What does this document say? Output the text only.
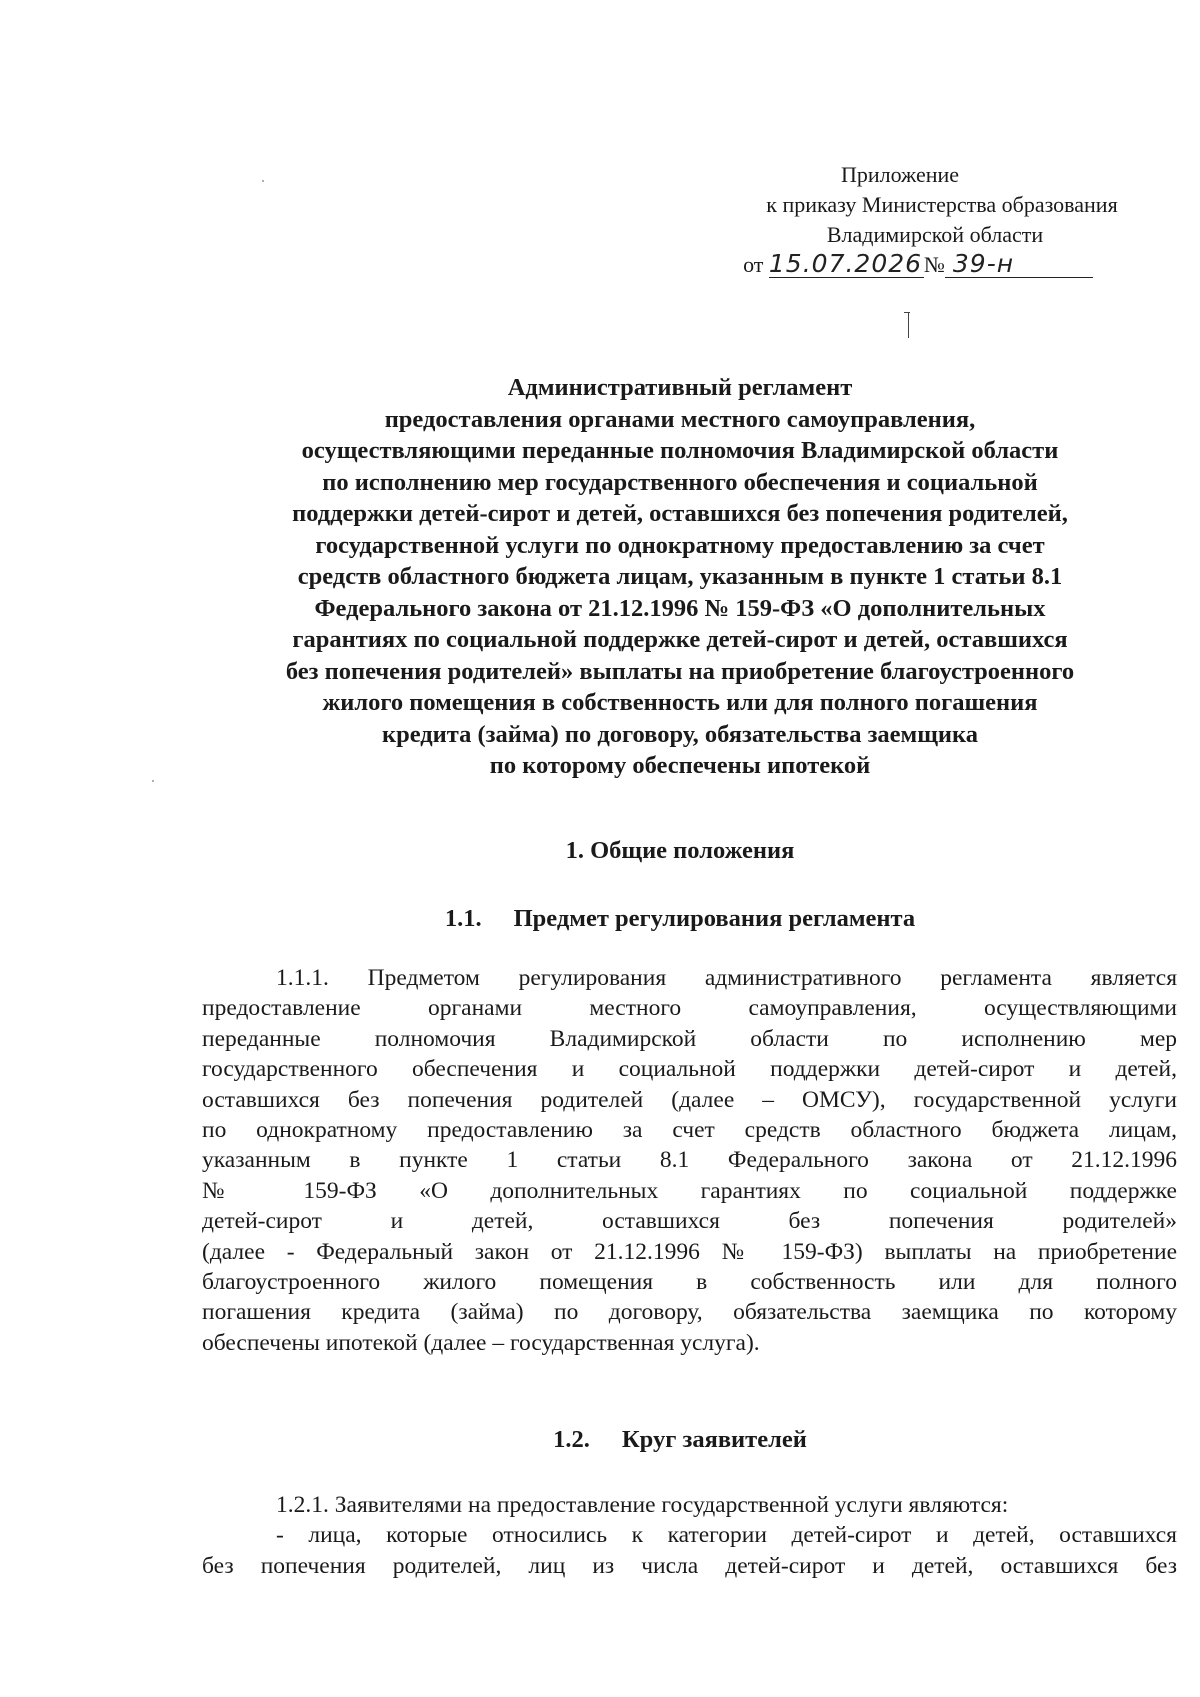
Приложение
к приказу Министерства образования
Владимирской области
от 15.07.2026№ 39-н
Административный регламент
предоставления органами местного самоуправления,
осуществляющими переданные полномочия Владимирской области
по исполнению мер государственного обеспечения и социальной
поддержки детей-сирот и детей, оставшихся без попечения родителей,
государственной услуги по однократному предоставлению за счет
средств областного бюджета лицам, указанным в пункте 1 статьи 8.1
Федерального закона от 21.12.1996 № 159-ФЗ «О дополнительных
гарантиях по социальной поддержке детей-сирот и детей, оставшихся
без попечения родителей» выплаты на приобретение благоустроенного
жилого помещения в собственность или для полного погашения
кредита (займа) по договору, обязательства заемщика
по которому обеспечены ипотекой
1. Общие положения
1.1. Предмет регулирования регламента
1.1.1. Предметом регулирования административного регламента является
предоставление органами местного самоуправления, осуществляющими
переданные полномочия Владимирской области по исполнению мер
государственного обеспечения и социальной поддержки детей-сирот и детей,
оставшихся без попечения родителей (далее – ОМСУ), государственной услуги
по однократному предоставлению за счет средств областного бюджета лицам,
указанным в пункте 1 статьи 8.1 Федерального закона от 21.12.1996
№ 159-ФЗ «О дополнительных гарантиях по социальной поддержке
детей-сирот и детей, оставшихся без попечения родителей»
(далее - Федеральный закон от 21.12.1996 № 159-ФЗ) выплаты на приобретение
благоустроенного жилого помещения в собственность или для полного
погашения кредита (займа) по договору, обязательства заемщика по которому
обеспечены ипотекой (далее – государственная услуга).
1.2. Круг заявителей
1.2.1. Заявителями на предоставление государственной услуги являются:
- лица, которые относились к категории детей-сирот и детей, оставшихся
без попечения родителей, лиц из числа детей-сирот и детей, оставшихся без
